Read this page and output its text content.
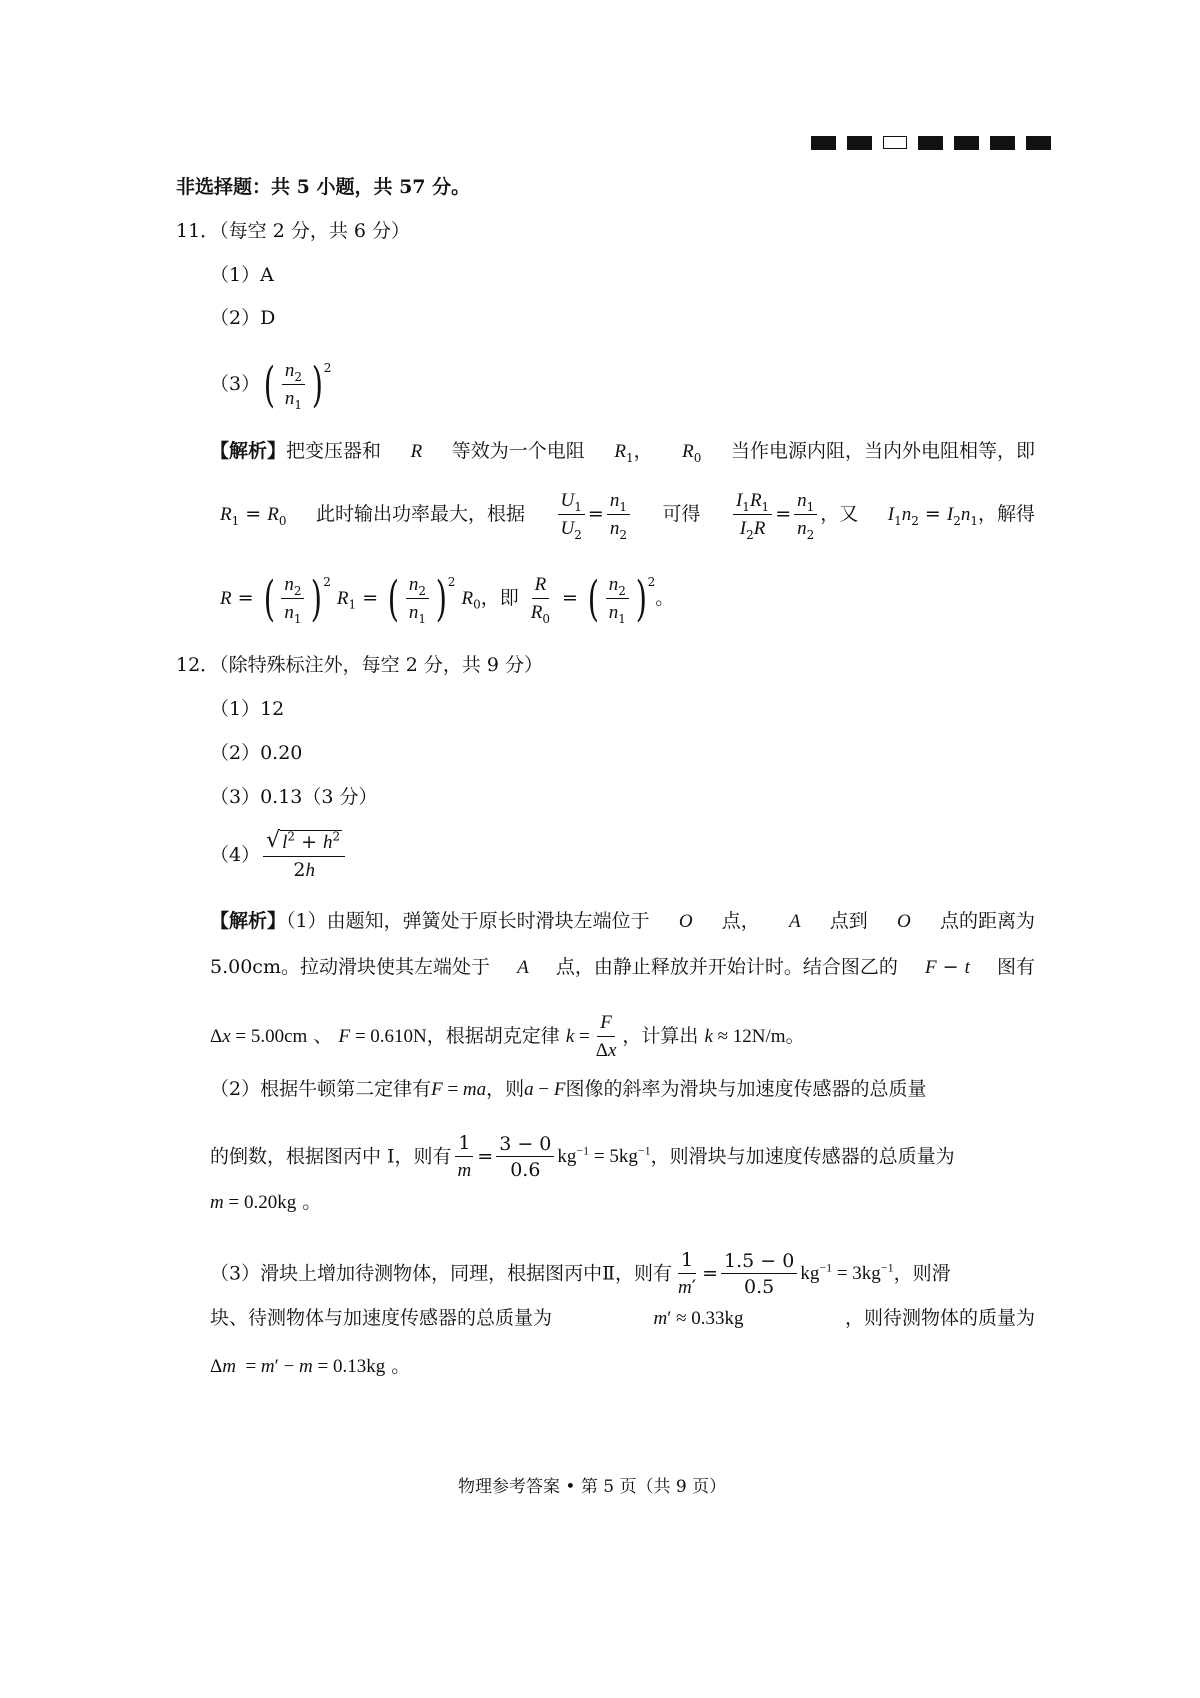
非选择题：共 5 小题，共 57 分。
11．（每空 2 分，共 6 分）
（1）A
（2）D
（3） ( $\frac{n_2}{n_1}$ ) 2
【解析】把变压器和 R 等效为一个电阻 $R_1$， $R_0$ 当作电源内阻，当内外电阻相等，即
$R_1 = R_0$ 此时输出功率最大，根据 $\frac{U_1}{U_2} = \frac{n_1}{n_2}$ 可得 $\frac{I_1R_1}{I_2R} = \frac{n_1}{n_2}$ ，又 $I_1n_2 = I_2n_1$，解得
R = ( $\frac{n_2}{n_1}$ ) 2
$R_1$ = ( $\frac{n_2}{n_1}$ ) 2
$R_0$，即 $\frac{R}{R_0}$ = ( $\frac{n_2}{n_1}$ ) 2
。
12．（除特殊标注外，每空 2 分，共 9 分）
（1）12
（2）0.20
（3）0.13（3 分）
$(4) \frac{√ l^2 + h^2}{2h}$
【解析】（1）由题知，弹簧处于原长时滑块左端位于 O 点， A 点到 O 点的距离为
5.00cm。拉动滑块使其左端处于 A 点，由静止释放并开始计时。结合图乙的 F − t 图有
Δx = 5.00cm 、 F = 0.610N，根据胡克定律 $k = \frac{F}{\Delta x}$ ，计算出 k ≈ 12N/m。
（2）根据牛顿第二定律有F = ma，则a − F图像的斜率为滑块与加速度传感器的总质量
的倒数，根据图丙中 I，则有 $\frac{1}{m} = \frac{3 - 0}{0.6} kg^{-1} = 5kg^{-1}$，则滑块与加速度传感器的总质量为
m = 0.20kg 。
（3）滑块上增加待测物体，同理，根据图丙中Ⅱ，则有 $\frac{1}{m'} = \frac{1.5 - 0}{0.5} kg^{-1} = 3kg^{-1}$，则滑
块、待测物体与加速度传感器的总质量为	m′ ≈ 0.33kg	，则待测物体的质量为
Δm  = m′ − m = 0.13kg 。
物理参考答案 • 第 5 页（共 9 页）
